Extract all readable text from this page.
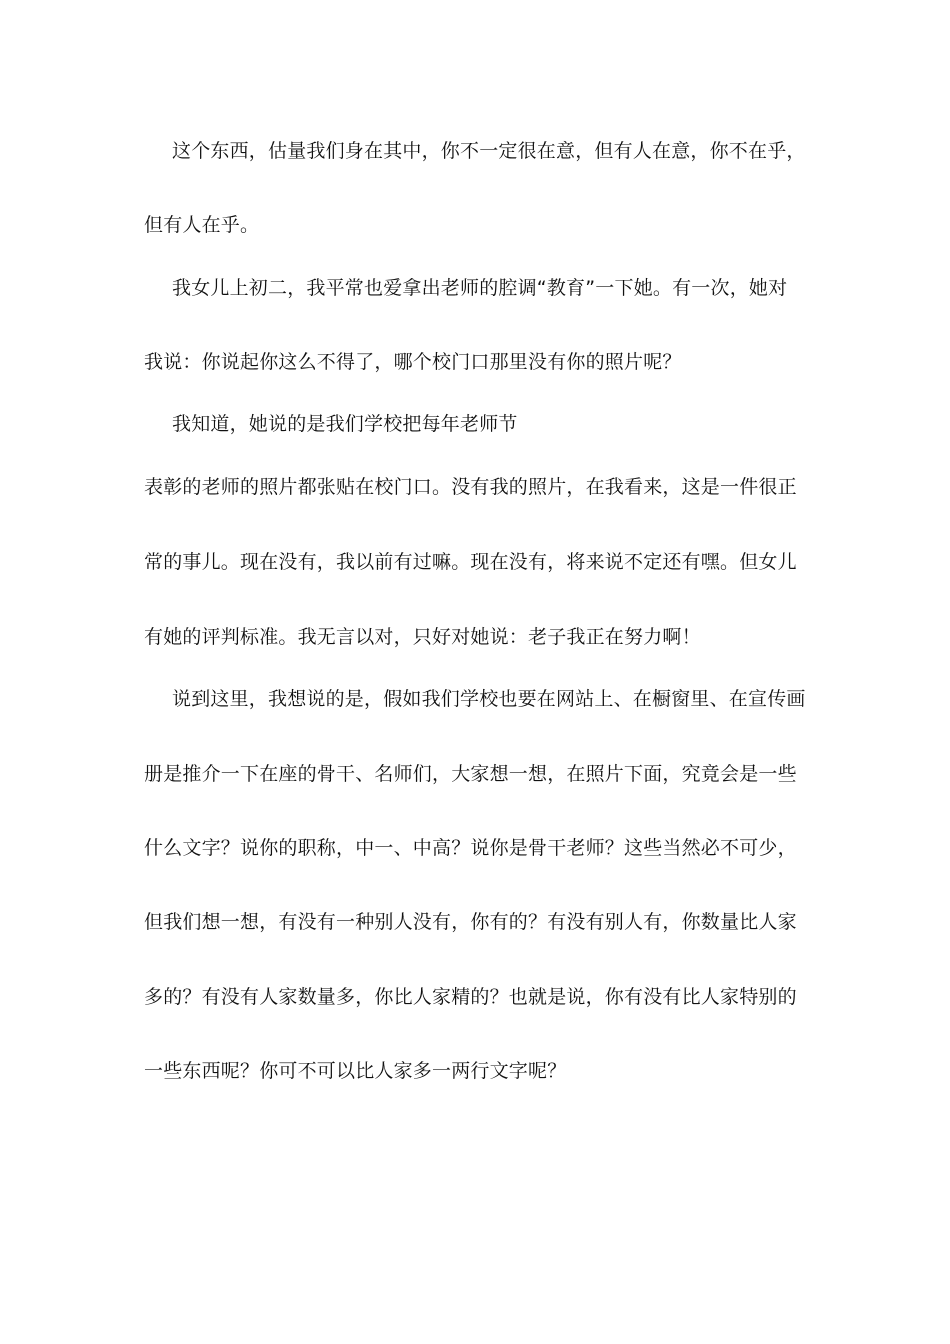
这个东西，估量我们身在其中，你不一定很在意，但有人在意，你不在乎，
但有人在乎。
我女儿上初二，我平常也爱拿出老师的腔调“教育”一下她。有一次，她对
我说：你说起你这么不得了，哪个校门口那里没有你的照片呢？
我知道，她说的是我们学校把每年老师节
表彰的老师的照片都张贴在校门口。没有我的照片，在我看来，这是一件很正
常的事儿。现在没有，我以前有过嘛。现在没有，将来说不定还有嘿。但女儿
有她的评判标准。我无言以对，只好对她说：老子我正在努力啊！
说到这里，我想说的是，假如我们学校也要在网站上、在橱窗里、在宣传画
册是推介一下在座的骨干、名师们，大家想一想，在照片下面，究竟会是一些
什么文字？说你的职称，中一、中高？说你是骨干老师？这些当然必不可少，
但我们想一想，有没有一种别人没有，你有的？有没有别人有，你数量比人家
多的？有没有人家数量多，你比人家精的？也就是说，你有没有比人家特别的
一些东西呢？你可不可以比人家多一两行文字呢？
